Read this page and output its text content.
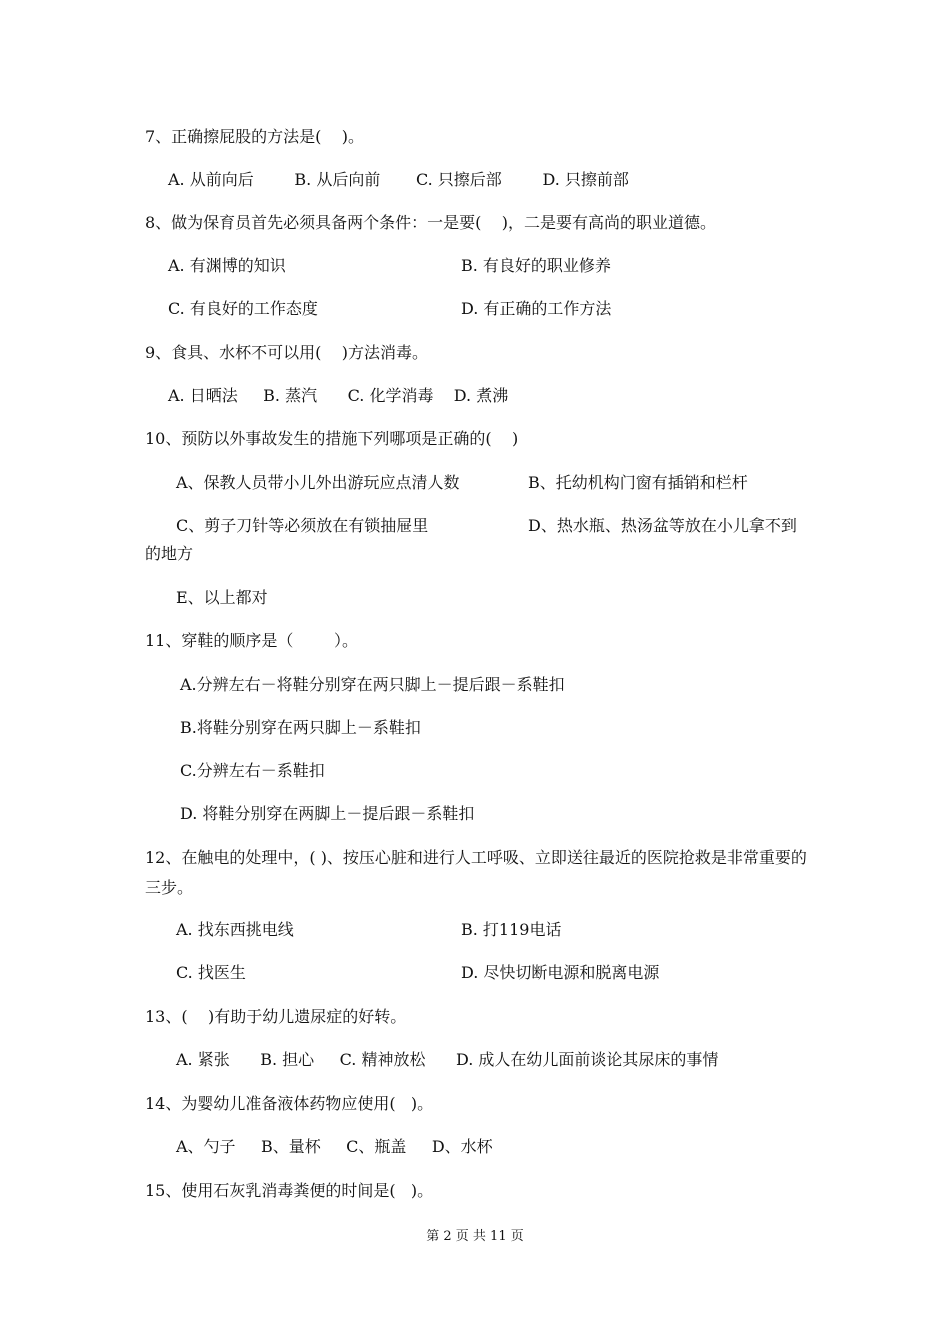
7、正确擦屁股的方法是(    )。
A. 从前向后        B. 从后向前       C. 只擦后部        D. 只擦前部
8、做为保育员首先必须具备两个条件：一是要(    )，二是要有高尚的职业道德。
A. 有渊博的知识	B. 有良好的职业修养
C. 有良好的工作态度	D. 有正确的工作方法
9、食具、水杯不可以用(    )方法消毒。
A. 日晒法     B. 蒸汽      C. 化学消毒    D. 煮沸
10、预防以外事故发生的措施下列哪项是正确的(    )
A、保教人员带小儿外出游玩应点清人数	B、托幼机构门窗有插销和栏杆
C、剪子刀针等必须放在有锁抽屉里	D、热水瓶、热汤盆等放在小儿拿不到
的地方
E、以上都对
11、穿鞋的顺序是（        ）。
A.分辨左右－将鞋分别穿在两只脚上－提后跟－系鞋扣
B.将鞋分别穿在两只脚上－系鞋扣
C.分辨左右－系鞋扣
D. 将鞋分别穿在两脚上－提后跟－系鞋扣
12、在触电的处理中，( )、按压心脏和进行人工呼吸、立即送往最近的医院抢救是非常重要的三步。
A. 找东西挑电线	B. 打119电话
C. 找医生	D. 尽快切断电源和脱离电源
13、(    )有助于幼儿遗尿症的好转。
A. 紧张      B. 担心     C. 精神放松      D. 成人在幼儿面前谈论其尿床的事情
14、为婴幼儿准备液体药物应使用(   )。
A、勺子     B、量杯     C、瓶盖     D、水杯
15、使用石灰乳消毒粪便的时间是(   )。
第 2 页 共 11 页
